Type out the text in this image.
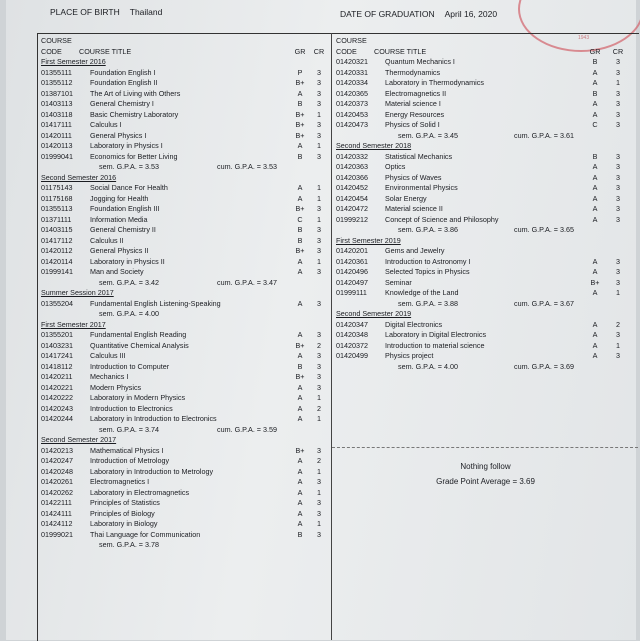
PLACE OF BIRTH Thailand	DATE OF GRADUATION April 16, 2020
1943
COURSE
CODE COURSE TITLE	GR	CR
First Semester 2016
01355111	Foundation English I	P	3
01355112 Foundation English II	B+	3
01387101 The Art of Living with Others	A	3
01403113 General Chemistry I	B	3
01403118 Basic Chemistry Laboratory	B+	1
01417111	Calculus I	B+	3
01420111	General Physics I	B+	3
01420113 Laboratory in Physics I	A	1
01999041 Economics for Better Living	B	3
sem. G.P.A. = 3.53	cum. G.P.A. = 3.53
Second Semester 2016
01175143 Social Dance For Health	A	1
01175168 Jogging for Health	A	1
01355113 Foundation English III	B+	3
01371111	Information Media	C	1
01403115 General Chemistry II	B	3
01417112 Calculus II	B	3
01420112 General Physics II	B+	3
01420114 Laboratory in Physics II	A	1
01999141 Man and Society	A	3
sem. G.P.A. = 3.42	cum. G.P.A. = 3.47
Summer Session 2017
01355204 Fundamental English Listening-Speaking	A	3
sem. G.P.A. = 4.00
First Semester 2017
01355201 Fundamental English Reading	A	3
01403231 Quantitative Chemical Analysis	B+	2
01417241 Calculus III	A	3
01418112 Introduction to Computer	B	3
01420211 Mechanics I	B+	3
01420221 Modern Physics	A	3
01420222 Laboratory in Modern Physics	A	1
01420243 Introduction to Electronics	A	2
01420244 Laboratory in Introduction to Electronics	A	1
sem. G.P.A. = 3.74	cum. G.P.A. = 3.59
Second Semester 2017
01420213 Mathematical Physics I	B+	3
01420247 Introduction of Metrology	A	2
01420248 Laboratory in Introduction to Metrology	A	1
01420261 Electromagnetics I	A	3
01420262 Laboratory in Electromagnetics	A	1
01422111	Principles of Statistics	A	3
01424111	Principles of Biology	A	3
01424112 Laboratory in Biology	A	1
01999021 Thai Language for Communication	B	3
sem. G.P.A. = 3.78
COURSE
CODE COURSE TITLE	GR	CR
01420321 Quantum Mechanics I	B	3
01420331 Thermodynamics	A	3
01420334 Laboratory in Thermodynamics	A	1
01420365 Electromagnetics II	B	3
01420373 Material science I	A	3
01420453 Energy Resources	A	3
01420473 Physics of Solid I	C	3
sem. G.P.A. = 3.45	cum. G.P.A. = 3.61
Second Semester 2018
01420332 Statistical Mechanics	B	3
01420363 Optics	A	3
01420366 Physics of Waves	A	3
01420452 Environmental Physics	A	3
01420454 Solar Energy	A	3
01420472 Material science II	A	3
01999212 Concept of Science and Philosophy	A	3
sem. G.P.A. = 3.86	cum. G.P.A. = 3.65
First Semester 2019
01420201 Gems and Jewelry
01420361 Introduction to Astronomy I	A	3
01420496 Selected Topics in Physics	A	3
01420497 Seminar	B+	3
01999111	Knowledge of the Land	A	1
sem. G.P.A. = 3.88	cum. G.P.A. = 3.67
Second Semester 2019
01420347 Digital Electronics	A	2
01420348 Laboratory in Digital Electronics	A	3
01420372 Introduction to material science	A	1
01420499 Physics project	A	3
sem. G.P.A. = 4.00	cum. G.P.A. = 3.69
Nothing follow
Grade Point Average = 3.69
